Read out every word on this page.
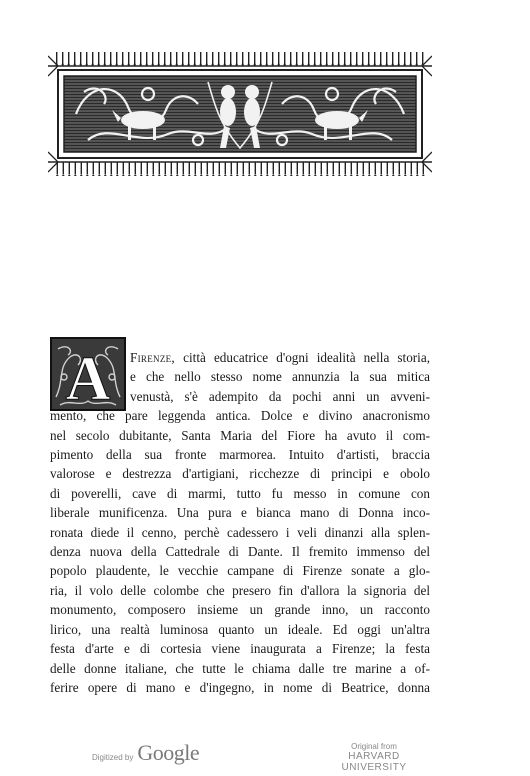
A	Firenze, città educatrice d'ogni idealità nella storia,
e che nello stesso nome annunzia la sua mitica
venustà, s'è adempito da pochi anni un avveni-
mento, che pare leggenda antica. Dolce e divino anacronismo
nel secolo dubitante, Santa Maria del Fiore ha avuto il com-
pimento della sua fronte marmorea. Intuito d'artisti, braccia
valorose e destrezza d'artigiani, ricchezze di principi e obolo
di poverelli, cave di marmi, tutto fu messo in comune con
liberale munificenza. Una pura e bianca mano di Donna inco-
ronata diede il cenno, perchè cadessero i veli dinanzi alla splen-
denza nuova della Cattedrale di Dante. Il fremito immenso del
popolo plaudente, le vecchie campane di Firenze sonate a glo-
ria, il volo delle colombe che presero fin d'allora la signoria del
monumento, composero insieme un grande inno, un racconto
lirico, una realtà luminosa quanto un ideale. Ed oggi un'altra
festa d'arte e di cortesia viene inaugurata a Firenze; la festa
delle donne italiane, che tutte le chiama dalle tre marine a of-
ferire opere di mano e d'ingegno, in nome di Beatrice, donna
Digitized by Google	Original from
HARVARD UNIVERSITY
